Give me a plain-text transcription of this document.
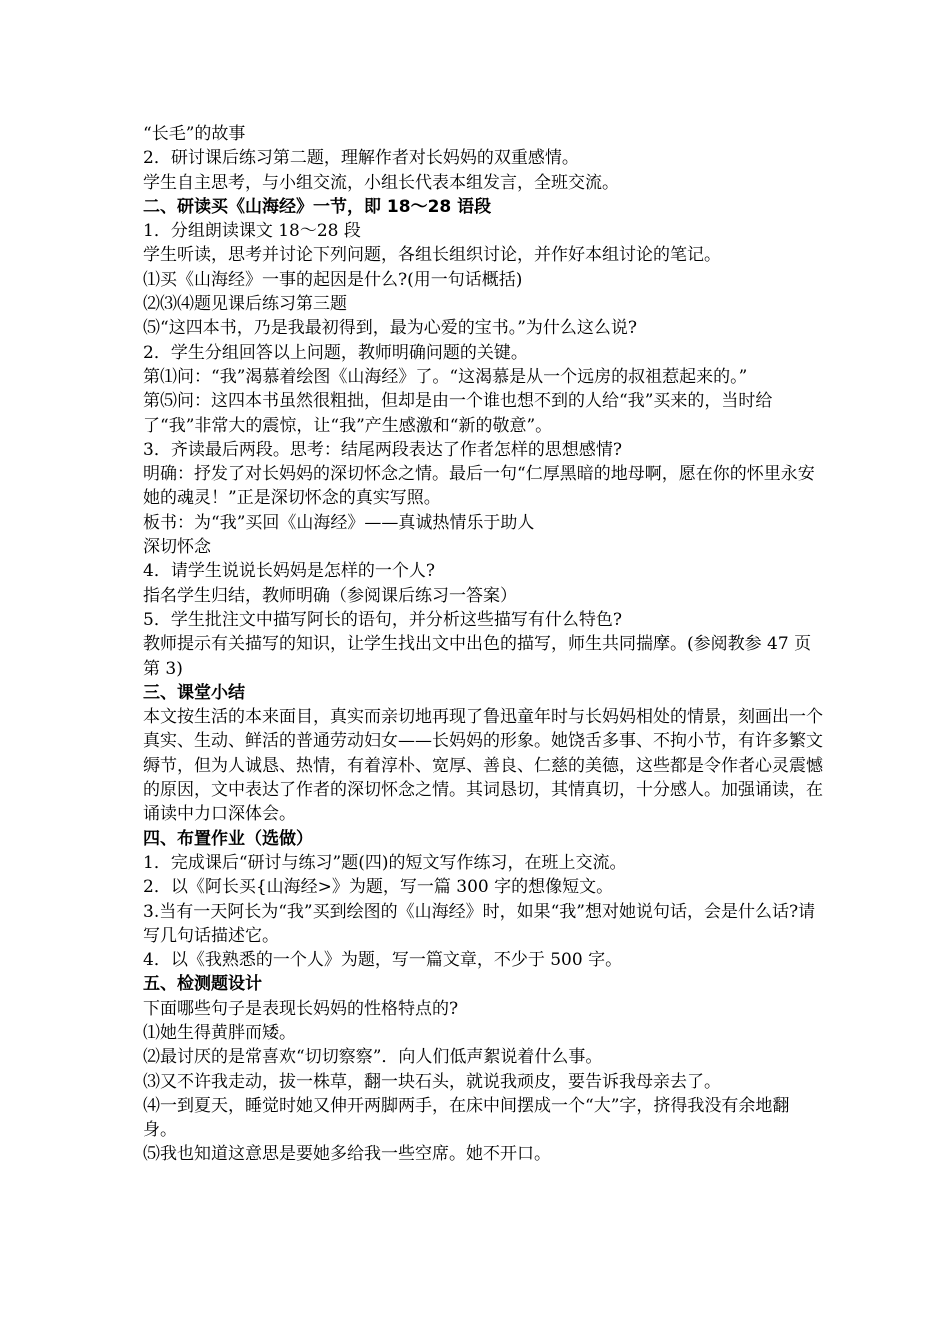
“长毛”的故事
2．研讨课后练习第二题，理解作者对长妈妈的双重感情。
学生自主思考，与小组交流，小组长代表本组发言，全班交流。
二、研读买《山海经》一节，即 18～28 语段
1．分组朗读课文 18～28 段
学生听读，思考并讨论下列问题，各组长组织讨论，并作好本组讨论的笔记。
⑴买《山海经》一事的起因是什么?(用一句话概括)
⑵⑶⑷题见课后练习第三题
⑸“这四本书，乃是我最初得到，最为心爱的宝书。”为什么这么说?
2．学生分组回答以上问题，教师明确问题的关键。
第⑴问：“我”渴慕着绘图《山海经》了。“这渴慕是从一个远房的叔祖惹起来的。”
第⑸问：这四本书虽然很粗拙，但却是由一个谁也想不到的人给“我”买来的，当时给了“我”非常大的震惊，让“我”产生感激和“新的敬意”。
3．齐读最后两段。思考：结尾两段表达了作者怎样的思想感情?
明确：抒发了对长妈妈的深切怀念之情。最后一句“仁厚黑暗的地母啊，愿在你的怀里永安她的魂灵！”正是深切怀念的真实写照。
板书：为“我”买回《山海经》——真诚热情乐于助人
深切怀念
4．请学生说说长妈妈是怎样的一个人?
指名学生归结，教师明确（参阅课后练习一答案）
5．学生批注文中描写阿长的语句，并分析这些描写有什么特色?
教师提示有关描写的知识，让学生找出文中出色的描写，师生共同揣摩。(参阅教参 47 页第 3)
三、课堂小结
本文按生活的本来面目，真实而亲切地再现了鲁迅童年时与长妈妈相处的情景，刻画出一个真实、生动、鲜活的普通劳动妇女——长妈妈的形象。她饶舌多事、不拘小节，有许多繁文缛节，但为人诚恳、热情，有着淳朴、宽厚、善良、仁慈的美德，这些都是令作者心灵震憾的原因，文中表达了作者的深切怀念之情。其词恳切，其情真切，十分感人。加强诵读，在诵读中力口深体会。
四、布置作业（选做）
1．完成课后“研讨与练习”题(四)的短文写作练习，在班上交流。
2．以《阿长买{山海经>》为题，写一篇 300 字的想像短文。
3.当有一天阿长为“我”买到绘图的《山海经》时，如果“我”想对她说句话，会是什么话?请写几句话描述它。
4．以《我熟悉的一个人》为题，写一篇文章，不少于 500 字。
五、检测题设计
下面哪些句子是表现长妈妈的性格特点的?
⑴她生得黄胖而矮。
⑵最讨厌的是常喜欢“切切察察”．向人们低声絮说着什么事。
⑶又不许我走动，拔一株草，翻一块石头，就说我顽皮，要告诉我母亲去了。
⑷一到夏天，睡觉时她又伸开两脚两手，在床中间摆成一个“大”字，挤得我没有余地翻身。
⑸我也知道这意思是要她多给我一些空席。她不开口。
